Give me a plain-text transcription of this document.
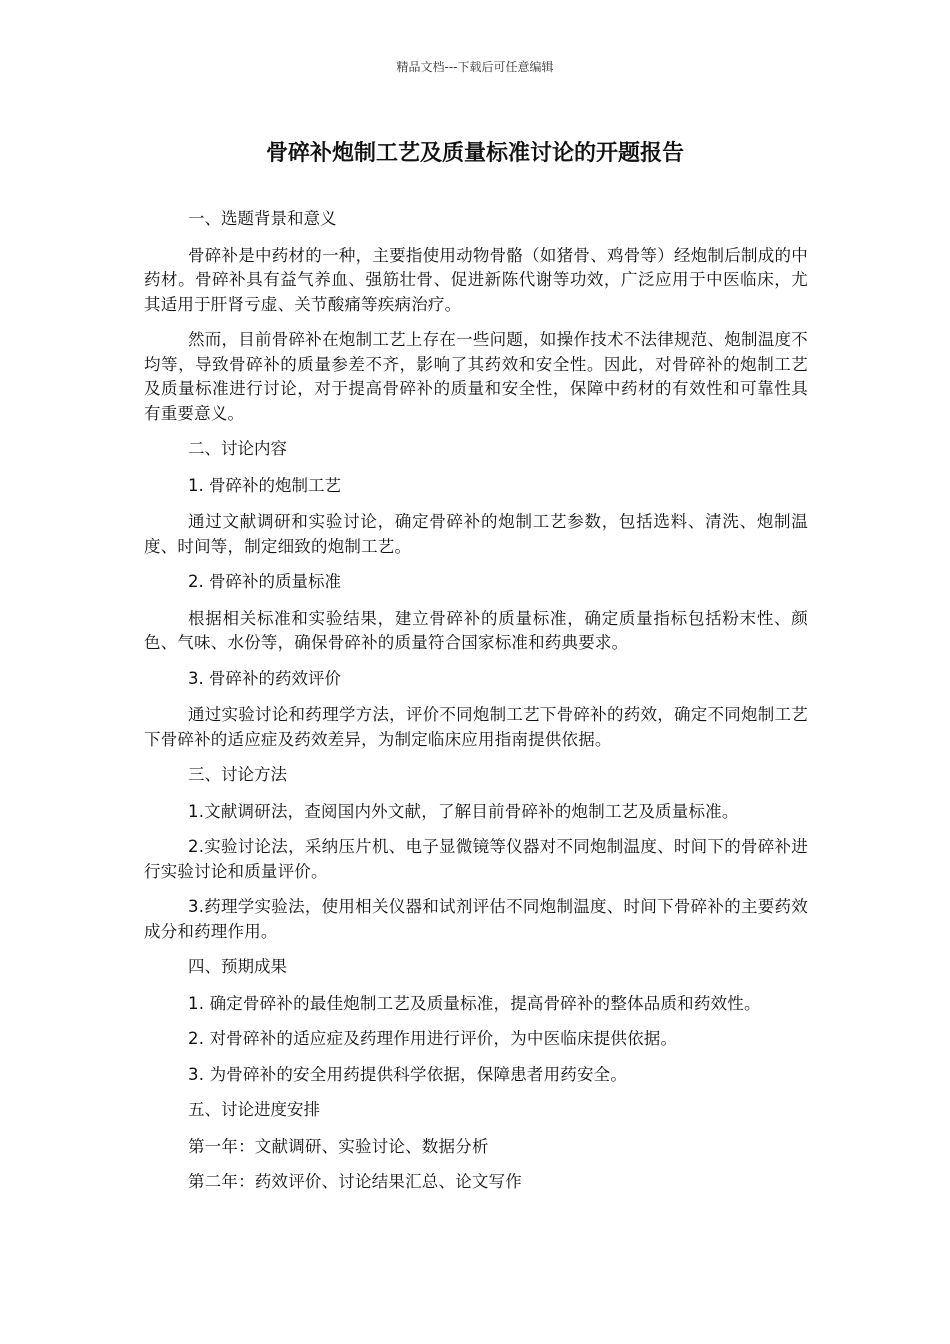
精品文档---下载后可任意编辑
骨碎补炮制工艺及质量标准讨论的开题报告

一、选题背景和意义

骨碎补是中药材的一种，主要指使用动物骨骼（如猪骨、鸡骨等）经炮制后制成的中药材。骨碎补具有益气养血、强筋壮骨、促进新陈代谢等功效，广泛应用于中医临床，尤其适用于肝肾亏虚、关节酸痛等疾病治疗。

然而，目前骨碎补在炮制工艺上存在一些问题，如操作技术不法律规范、炮制温度不均等，导致骨碎补的质量参差不齐，影响了其药效和安全性。因此，对骨碎补的炮制工艺及质量标准进行讨论，对于提高骨碎补的质量和安全性，保障中药材的有效性和可靠性具有重要意义。

二、讨论内容

1. 骨碎补的炮制工艺

通过文献调研和实验讨论，确定骨碎补的炮制工艺参数，包括选料、清洗、炮制温度、时间等，制定细致的炮制工艺。

2. 骨碎补的质量标准

根据相关标准和实验结果，建立骨碎补的质量标准，确定质量指标包括粉末性、颜色、气味、水份等，确保骨碎补的质量符合国家标准和药典要求。

3. 骨碎补的药效评价

通过实验讨论和药理学方法，评价不同炮制工艺下骨碎补的药效，确定不同炮制工艺下骨碎补的适应症及药效差异，为制定临床应用指南提供依据。

三、讨论方法

1.文献调研法，查阅国内外文献，了解目前骨碎补的炮制工艺及质量标准。

2.实验讨论法，采纳压片机、电子显微镜等仪器对不同炮制温度、时间下的骨碎补进行实验讨论和质量评价。

3.药理学实验法，使用相关仪器和试剂评估不同炮制温度、时间下骨碎补的主要药效成分和药理作用。

四、预期成果

1. 确定骨碎补的最佳炮制工艺及质量标准，提高骨碎补的整体品质和药效性。

2. 对骨碎补的适应症及药理作用进行评价，为中医临床提供依据。

3. 为骨碎补的安全用药提供科学依据，保障患者用药安全。

五、讨论进度安排

第一年：文献调研、实验讨论、数据分析

第二年：药效评价、讨论结果汇总、论文写作
